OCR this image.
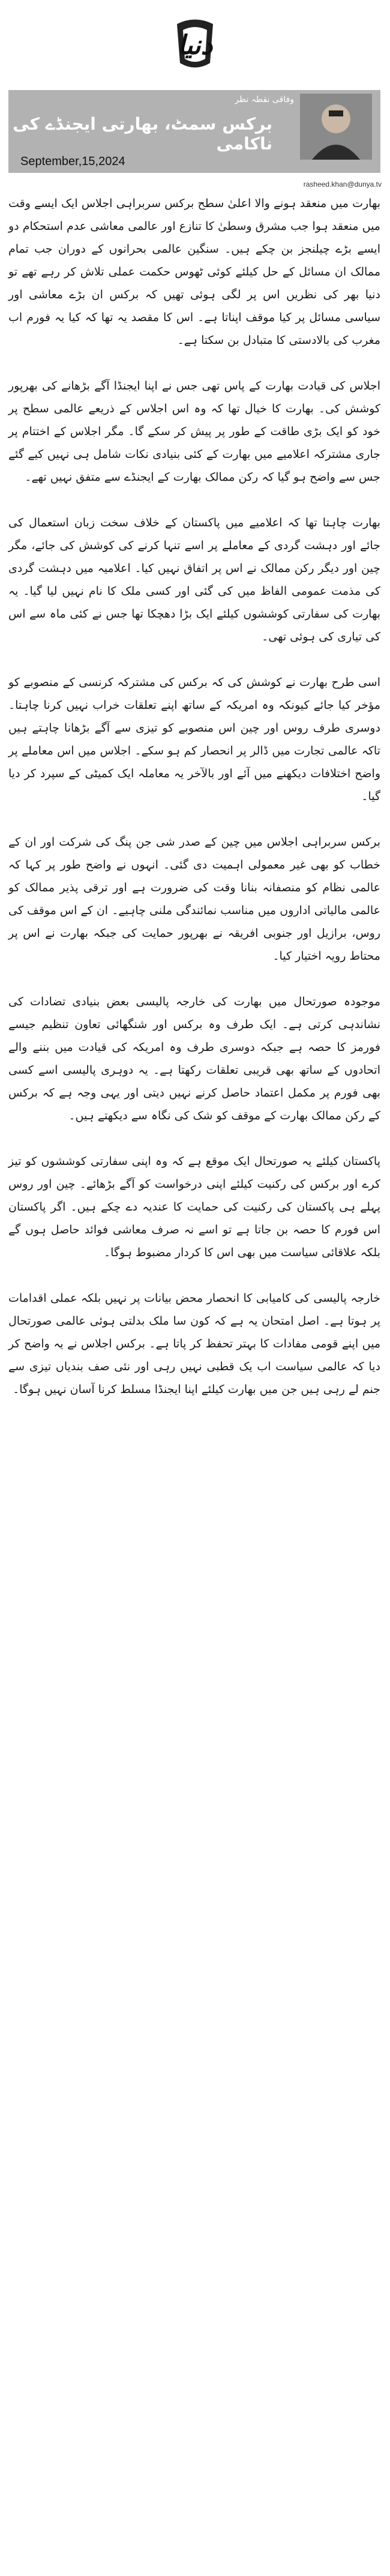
دنیا
وفاقی نقطہ نظر
برکس سمٹ، بھارتی ایجنڈے کی ناکامی
September,15,2024
rasheed.khan@dunya.tv

بھارت میں منعقد ہونے والا اعلیٰ سطح برکس سربراہی اجلاس ایک ایسے وقت میں منعقد ہوا جب مشرق وسطیٰ کا تنازع اور عالمی معاشی عدم استحکام دو ایسے بڑے چیلنجز بن چکے ہیں۔ سنگین عالمی بحرانوں کے دوران جب تمام ممالک ان مسائل کے حل کیلئے کوئی ٹھوس حکمت عملی تلاش کر رہے تھے تو دنیا بھر کی نظریں اس پر لگی ہوئی تھیں کہ برکس ان بڑے معاشی اور سیاسی مسائل پر کیا موقف اپناتا ہے۔ اس کا مقصد یہ تھا کہ کیا یہ فورم اب مغرب کی بالادستی کا متبادل بن سکتا ہے۔

اجلاس کی قیادت بھارت کے پاس تھی جس نے اپنا ایجنڈا آگے بڑھانے کی بھرپور کوشش کی۔ بھارت کا خیال تھا کہ وہ اس اجلاس کے ذریعے عالمی سطح پر خود کو ایک بڑی طاقت کے طور پر پیش کر سکے گا۔ مگر اجلاس کے اختتام پر جاری مشترکہ اعلامیے میں بھارت کے کئی بنیادی نکات شامل ہی نہیں کیے گئے جس سے واضح ہو گیا کہ رکن ممالک بھارت کے ایجنڈے سے متفق نہیں تھے۔

بھارت چاہتا تھا کہ اعلامیے میں پاکستان کے خلاف سخت زبان استعمال کی جائے اور دہشت گردی کے معاملے پر اسے تنہا کرنے کی کوشش کی جائے، مگر چین اور دیگر رکن ممالک نے اس پر اتفاق نہیں کیا۔ اعلامیہ میں دہشت گردی کی مذمت عمومی الفاظ میں کی گئی اور کسی ملک کا نام نہیں لیا گیا۔ یہ بھارت کی سفارتی کوششوں کیلئے ایک بڑا دھچکا تھا جس نے کئی ماہ سے اس کی تیاری کی ہوئی تھی۔

اسی طرح بھارت نے کوشش کی کہ برکس کی مشترکہ کرنسی کے منصوبے کو مؤخر کیا جائے کیونکہ وہ امریکہ کے ساتھ اپنے تعلقات خراب نہیں کرنا چاہتا۔ دوسری طرف روس اور چین اس منصوبے کو تیزی سے آگے بڑھانا چاہتے ہیں تاکہ عالمی تجارت میں ڈالر پر انحصار کم ہو سکے۔ اجلاس میں اس معاملے پر واضح اختلافات دیکھنے میں آئے اور بالآخر یہ معاملہ ایک کمیٹی کے سپرد کر دیا گیا۔

برکس سربراہی اجلاس میں چین کے صدر شی جن پنگ کی شرکت اور ان کے خطاب کو بھی غیر معمولی اہمیت دی گئی۔ انہوں نے واضح طور پر کہا کہ عالمی نظام کو منصفانہ بنانا وقت کی ضرورت ہے اور ترقی پذیر ممالک کو عالمی مالیاتی اداروں میں مناسب نمائندگی ملنی چاہیے۔ ان کے اس موقف کی روس، برازیل اور جنوبی افریقہ نے بھرپور حمایت کی جبکہ بھارت نے اس پر محتاط رویہ اختیار کیا۔

موجودہ صورتحال میں بھارت کی خارجہ پالیسی بعض بنیادی تضادات کی نشاندہی کرتی ہے۔ ایک طرف وہ برکس اور شنگھائی تعاون تنظیم جیسے فورمز کا حصہ ہے جبکہ دوسری طرف وہ امریکہ کی قیادت میں بننے والے اتحادوں کے ساتھ بھی قریبی تعلقات رکھتا ہے۔ یہ دوہری پالیسی اسے کسی بھی فورم پر مکمل اعتماد حاصل کرنے نہیں دیتی اور یہی وجہ ہے کہ برکس کے رکن ممالک بھارت کے موقف کو شک کی نگاہ سے دیکھتے ہیں۔

پاکستان کیلئے یہ صورتحال ایک موقع ہے کہ وہ اپنی سفارتی کوششوں کو تیز کرے اور برکس کی رکنیت کیلئے اپنی درخواست کو آگے بڑھائے۔ چین اور روس پہلے ہی پاکستان کی رکنیت کی حمایت کا عندیہ دے چکے ہیں۔ اگر پاکستان اس فورم کا حصہ بن جاتا ہے تو اسے نہ صرف معاشی فوائد حاصل ہوں گے بلکہ علاقائی سیاست میں بھی اس کا کردار مضبوط ہوگا۔

خارجہ پالیسی کی کامیابی کا انحصار محض بیانات پر نہیں بلکہ عملی اقدامات پر ہوتا ہے۔ اصل امتحان یہ ہے کہ کون سا ملک بدلتی ہوئی عالمی صورتحال میں اپنے قومی مفادات کا بہتر تحفظ کر پاتا ہے۔ برکس اجلاس نے یہ واضح کر دیا کہ عالمی سیاست اب یک قطبی نہیں رہی اور نئی صف بندیاں تیزی سے جنم لے رہی ہیں جن میں بھارت کیلئے اپنا ایجنڈا مسلط کرنا آسان نہیں ہوگا۔
